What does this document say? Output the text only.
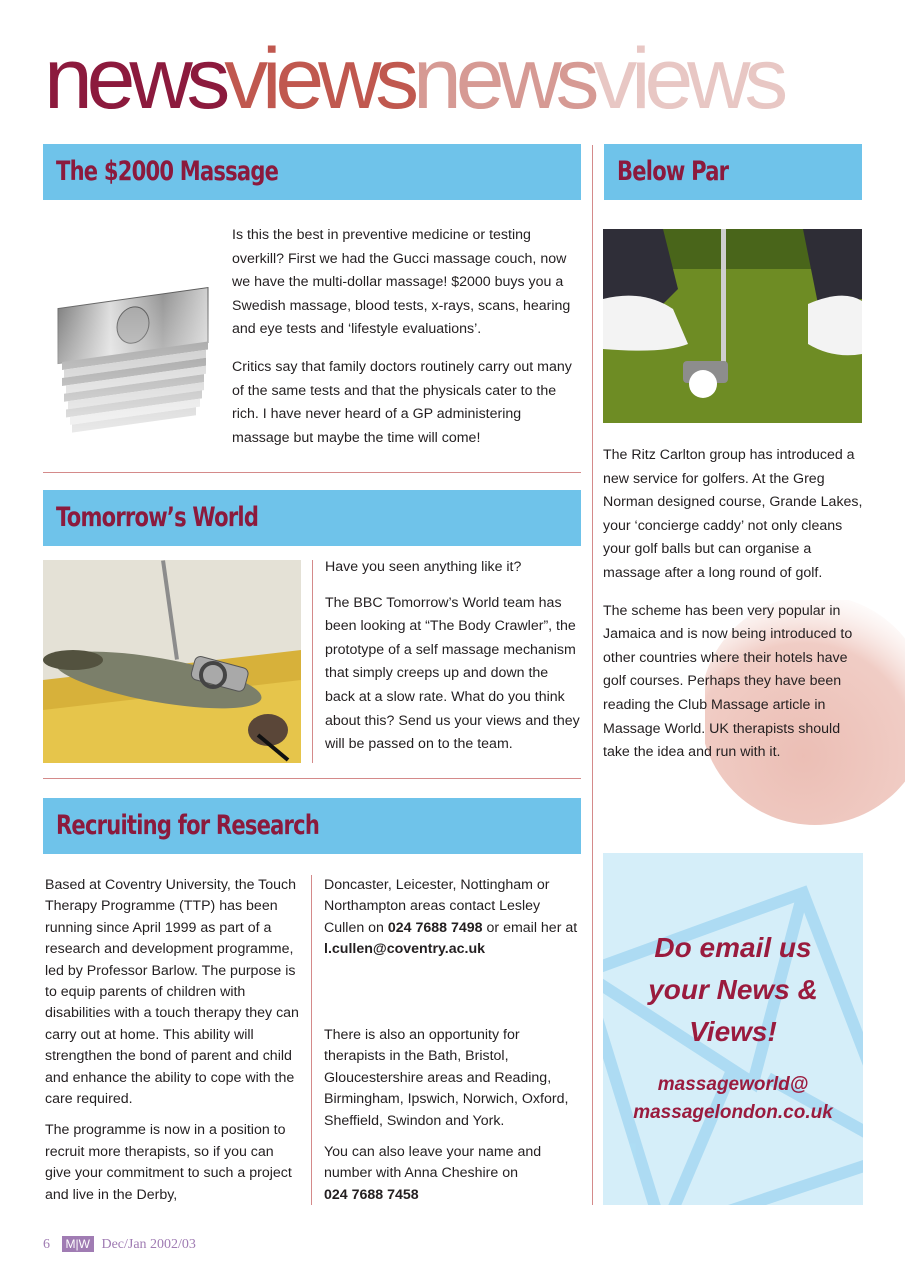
newsviewsnewsviews
The $2000 Massage

Is this the best in preventive medicine or testing overkill? First we had the Gucci massage couch, now we have the multi-dollar massage! $2000 buys you a Swedish massage, blood tests, x-rays, scans, hearing and eye tests and ‘lifestyle evaluations’.

Critics say that family doctors routinely carry out many of the same tests and that the physicals cater to the rich. I have never heard of a GP administering massage but maybe the time will come!

Tomorrow’s World

Have you seen anything like it?

The BBC Tomorrow’s World team has been looking at “The Body Crawler”, the prototype of a self massage mechanism that simply creeps up and down the back at a slow rate. What do you think about this? Send us your views and they will be passed on to the team.

Below Par

The Ritz Carlton group has introduced a new service for golfers. At the Greg Norman designed course, Grande Lakes, your ‘concierge caddy’ not only cleans your golf balls but can organise a massage after a long round of golf.

The scheme has been very popular in Jamaica and is now being introduced to other countries where their hotels have golf courses. Perhaps they have been reading the Club Massage article in Massage World. UK therapists should take the idea and run with it.

Recruiting for Research

Based at Coventry University, the Touch Therapy Programme (TTP) has been running since April 1999 as part of a research and development programme, led by Professor Barlow. The purpose is to equip parents of children with disabilities with a touch therapy they can carry out at home. This ability will strengthen the bond of parent and child and enhance the ability to cope with the care required.

The programme is now in a position to recruit more therapists, so if you can give your commitment to such a project and live in the Derby,

Doncaster, Leicester, Nottingham or Northampton areas contact Lesley Cullen on 024 7688 7498 or email her at l.cullen@coventry.ac.uk

There is also an opportunity for therapists in the Bath, Bristol, Gloucestershire areas and Reading, Birmingham, Ipswich, Norwich, Oxford, Sheffield, Swindon and York.

You can also leave your name and number with Anna Cheshire on

024 7688 7458
Do email us
your News &
Views!
massageworld@
massagelondon.co.uk
6 M|W Dec/Jan 2002/03
